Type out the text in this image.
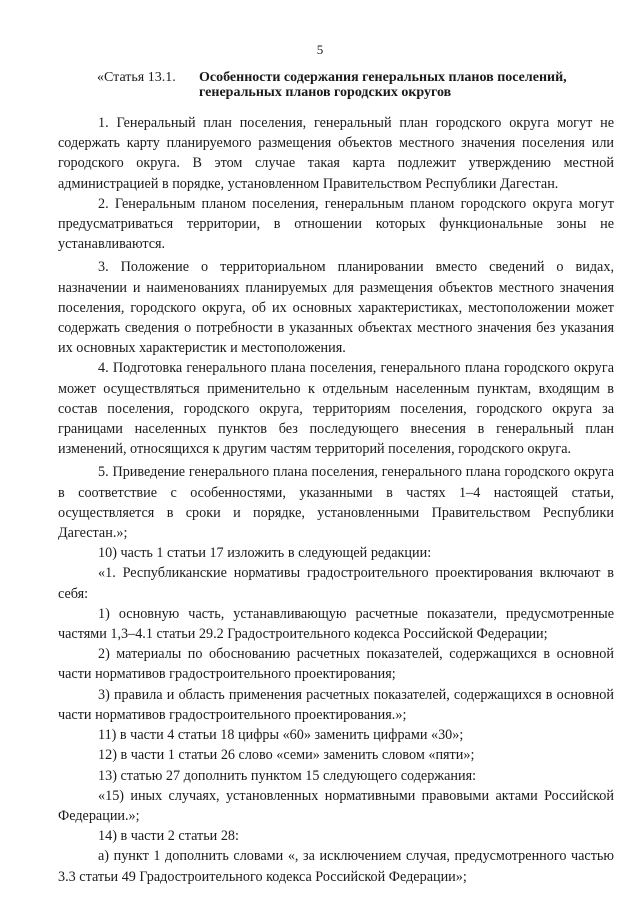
5
«Статья 13.1. Особенности содержания генеральных планов поселений, генеральных планов городских округов

1. Генеральный план поселения, генеральный план городского округа могут не содержать карту планируемого размещения объектов местного значения поселения или городского округа. В этом случае такая карта подлежит утверждению местной администрацией в порядке, установленном Правительством Республики Дагестан.

2. Генеральным планом поселения, генеральным планом городского округа могут предусматриваться территории, в отношении которых функциональные зоны не устанавливаются.

3. Положение о территориальном планировании вместо сведений о видах, назначении и наименованиях планируемых для размещения объектов местного значения поселения, городского округа, об их основных характеристиках, местоположении может содержать сведения о потребности в указанных объектах местного значения без указания их основных характеристик и местоположения.

4. Подготовка генерального плана поселения, генерального плана городского округа может осуществляться применительно к отдельным населенным пунктам, входящим в состав поселения, городского округа, территориям поселения, городского округа за границами населенных пунктов без последующего внесения в генеральный план изменений, относящихся к другим частям территорий поселения, городского округа.

5. Приведение генерального плана поселения, генерального плана городского округа в соответствие с особенностями, указанными в частях 1–4 настоящей статьи, осуществляется в сроки и порядке, установленными Правительством Республики Дагестан.»;

10) часть 1 статьи 17 изложить в следующей редакции:

«1. Республиканские нормативы градостроительного проектирования включают в себя:

1) основную часть, устанавливающую расчетные показатели, предусмотренные частями 1,3–4.1 статьи 29.2 Градостроительного кодекса Российской Федерации;

2) материалы по обоснованию расчетных показателей, содержащихся в основной части нормативов градостроительного проектирования;

3) правила и область применения расчетных показателей, содержащихся в основной части нормативов градостроительного проектирования.»;

11) в части 4 статьи 18 цифры «60» заменить цифрами «30»;

12) в части 1 статьи 26 слово «семи» заменить словом «пяти»;

13) статью 27 дополнить пунктом 15 следующего содержания:

«15) иных случаях, установленных нормативными правовыми актами Российской Федерации.»;

14) в части 2 статьи 28:

а) пункт 1 дополнить словами «, за исключением случая, предусмотренного частью 3.3 статьи 49 Градостроительного кодекса Российской Федерации»;
